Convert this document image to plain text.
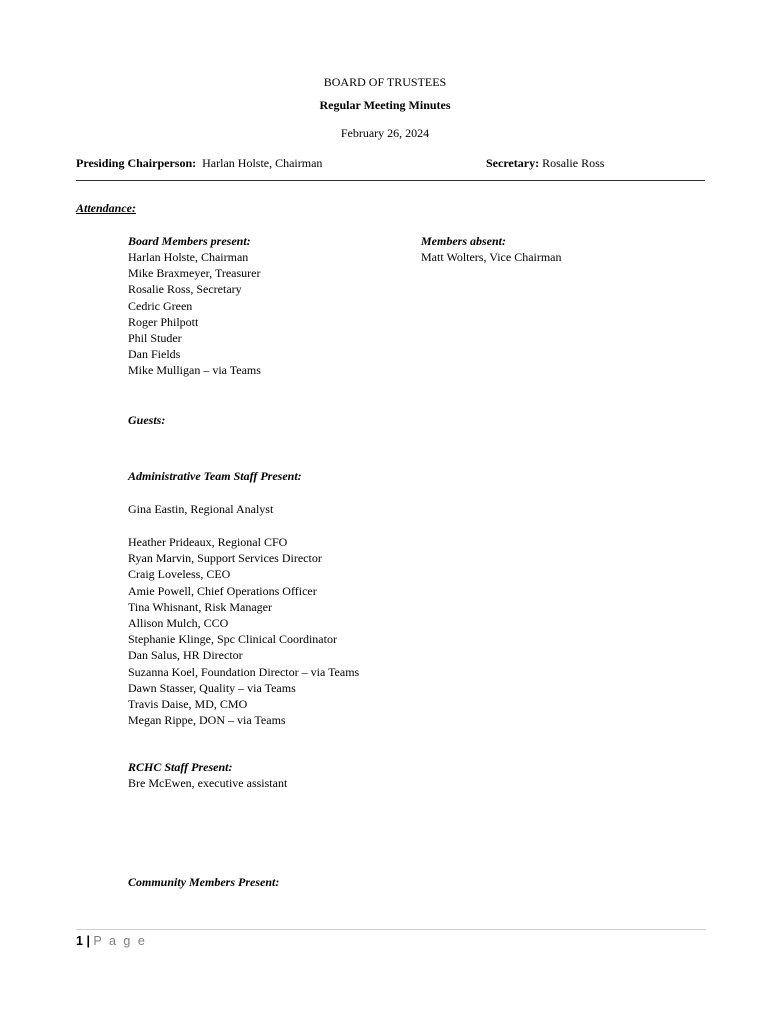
BOARD OF TRUSTEES
Regular Meeting Minutes
February 26, 2024
Presiding Chairperson: Harlan Holste, Chairman	Secretary: Rosalie Ross
Attendance:
Board Members present:
Harlan Holste, Chairman
Mike Braxmeyer, Treasurer
Rosalie Ross, Secretary
Cedric Green
Roger Philpott
Phil Studer
Dan Fields
Mike Mulligan – via Teams
Members absent:
Matt Wolters, Vice Chairman
Guests:
Administrative Team Staff Present:
Gina Eastin, Regional Analyst
Heather Prideaux, Regional CFO
Ryan Marvin, Support Services Director
Craig Loveless, CEO
Amie Powell, Chief Operations Officer
Tina Whisnant, Risk Manager
Allison Mulch, CCO
Stephanie Klinge, Spc Clinical Coordinator
Dan Salus, HR Director
Suzanna Koel, Foundation Director – via Teams
Dawn Stasser, Quality – via Teams
Travis Daise, MD, CMO
Megan Rippe, DON – via Teams
RCHC Staff Present:
Bre McEwen, executive assistant
Community Members Present:
1 | P a g e
